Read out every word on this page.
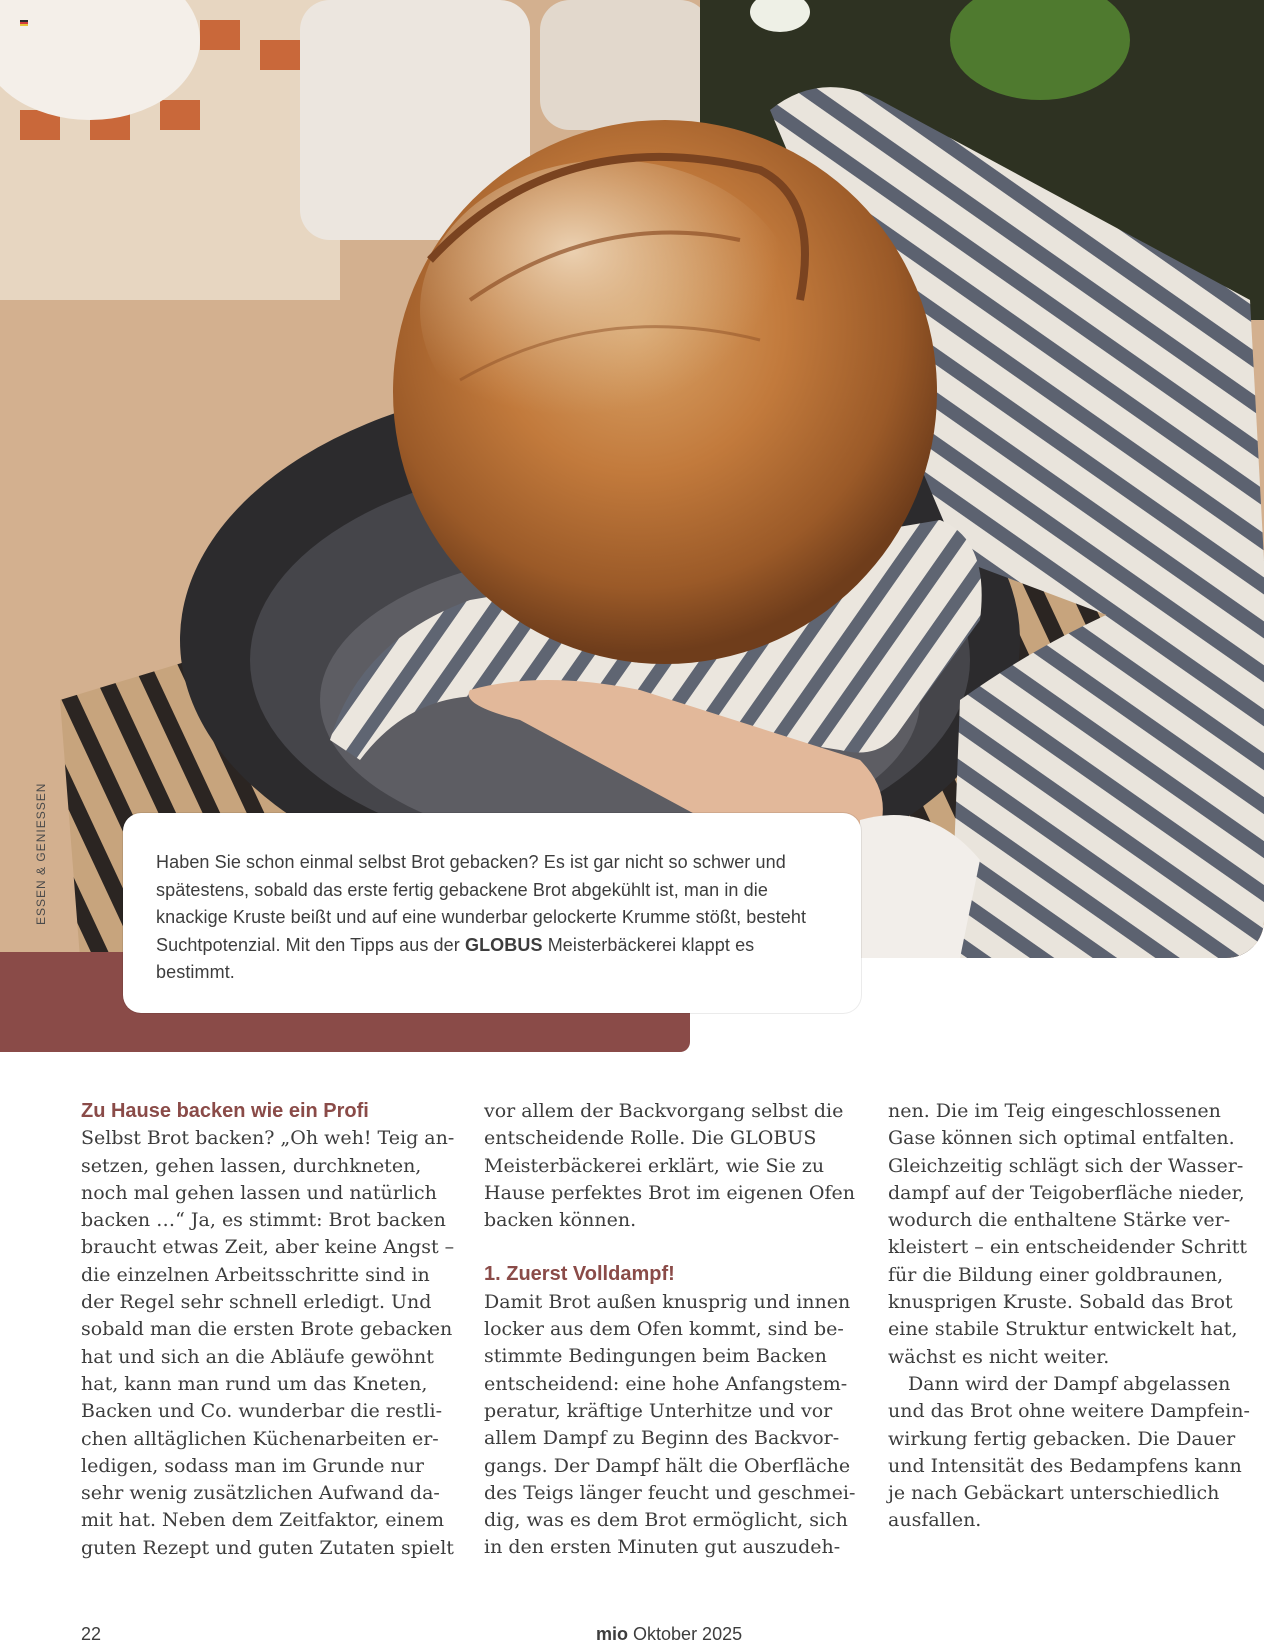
ESSEN & GENIESSEN	Haben Sie schon einmal selbst Brot gebacken? Es ist gar nicht so schwer und spätestens, sobald das erste fertig gebackene Brot abgekühlt ist, man in die knackige Kruste beißt und auf eine wunderbar gelockerte Krumme stößt, besteht Suchtpotenzial. Mit den Tipps aus der GLOBUS Meisterbäckerei klappt es bestimmt.
Zu Hause backen wie ein Profi

Selbst Brot backen? „Oh weh! Teig an-
setzen, gehen lassen, durchkneten,
noch mal gehen lassen und natürlich
backen …“ Ja, es stimmt: Brot backen
braucht etwas Zeit, aber keine Angst –
die einzelnen Arbeitsschritte sind in
der Regel sehr schnell erledigt. Und
sobald man die ersten Brote gebacken
hat und sich an die Abläufe gewöhnt
hat, kann man rund um das Kneten,
Backen und Co. wunderbar die restli-
chen alltäglichen Küchenarbeiten er-
ledigen, sodass man im Grunde nur
sehr wenig zusätzlichen Aufwand da-
mit hat. Neben dem Zeitfaktor, einem
guten Rezept und guten Zutaten spielt

vor allem der Backvorgang selbst die
entscheidende Rolle. Die GLOBUS
Meisterbäckerei erklärt, wie Sie zu
Hause perfektes Brot im eigenen Ofen
backen können.

1. Zuerst Volldampf!

Damit Brot außen knusprig und innen
locker aus dem Ofen kommt, sind be-
stimmte Bedingungen beim Backen
entscheidend: eine hohe Anfangstem-
peratur, kräftige Unterhitze und vor
allem Dampf zu Beginn des Backvor-
gangs. Der Dampf hält die Oberfläche
des Teigs länger feucht und geschmei-
dig, was es dem Brot ermöglicht, sich
in den ersten Minuten gut auszudeh-

nen. Die im Teig eingeschlossenen
Gase können sich optimal entfalten.
Gleichzeitig schlägt sich der Wasser-
dampf auf der Teigoberfläche nieder,
wodurch die enthaltene Stärke ver-
kleistert – ein entscheidender Schritt
für die Bildung einer goldbraunen,
knusprigen Kruste. Sobald das Brot
eine stabile Struktur entwickelt hat,
wächst es nicht weiter.

Dann wird der Dampf abgelassen
und das Brot ohne weitere Dampfein-
wirkung fertig gebacken. Die Dauer
und Intensität des Bedampfens kann
je nach Gebäckart unterschiedlich
ausfallen.

22	mio Oktober 2025
